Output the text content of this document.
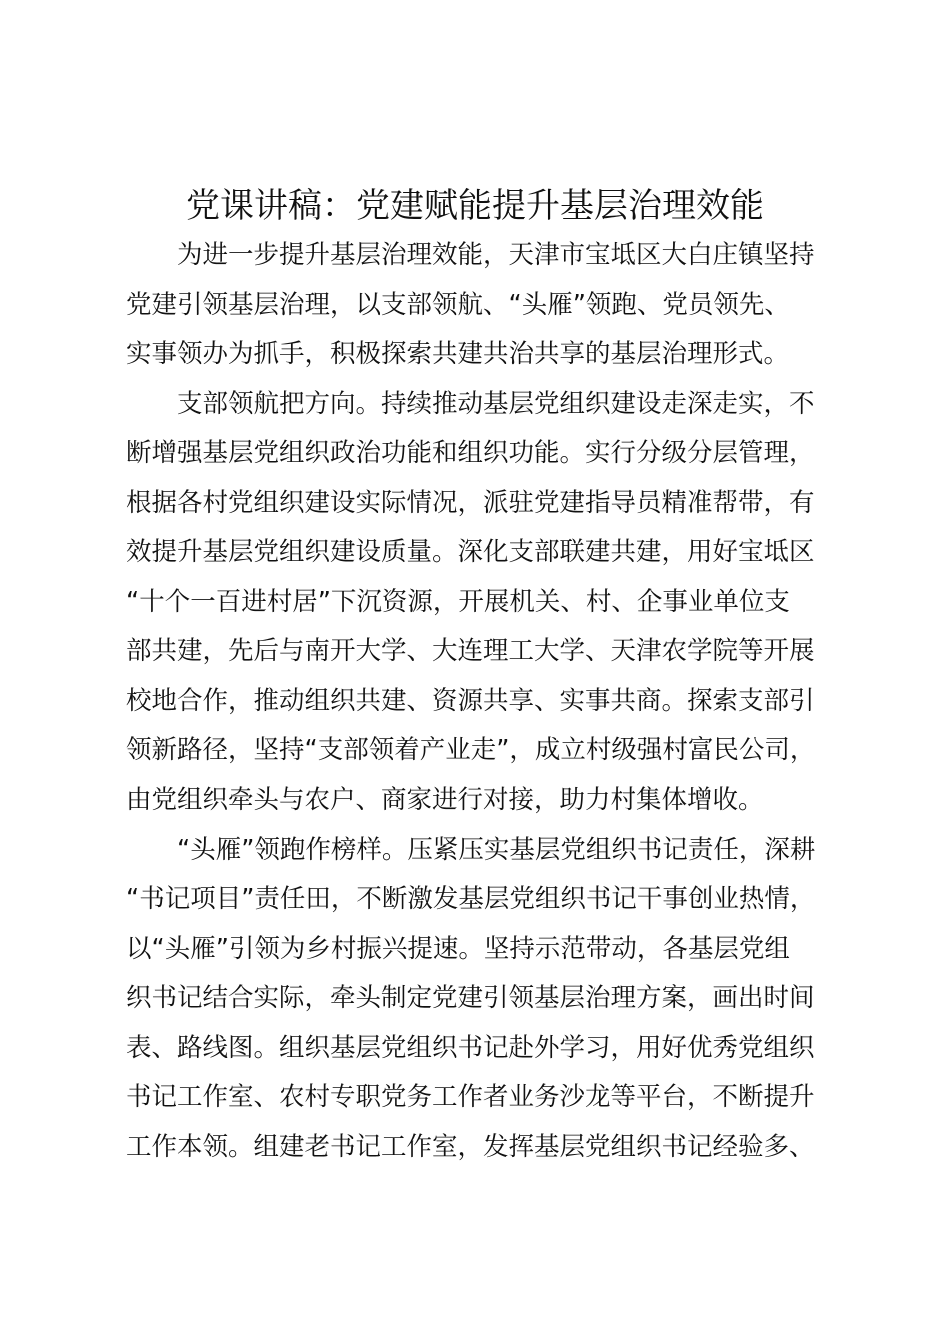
党课讲稿：党建赋能提升基层治理效能
　　为进一步提升基层治理效能，天津市宝坻区大白庄镇坚持
党建引领基层治理，以支部领航、“头雁”领跑、党员领先、
实事领办为抓手，积极探索共建共治共享的基层治理形式。
　　支部领航把方向。持续推动基层党组织建设走深走实，不
断增强基层党组织政治功能和组织功能。实行分级分层管理，
根据各村党组织建设实际情况，派驻党建指导员精准帮带，有
效提升基层党组织建设质量。深化支部联建共建，用好宝坻区
“十个一百进村居”下沉资源，开展机关、村、企事业单位支
部共建，先后与南开大学、大连理工大学、天津农学院等开展
校地合作，推动组织共建、资源共享、实事共商。探索支部引
领新路径，坚持“支部领着产业走”，成立村级强村富民公司，
由党组织牵头与农户、商家进行对接，助力村集体增收。
　　“头雁”领跑作榜样。压紧压实基层党组织书记责任，深耕
“书记项目”责任田，不断激发基层党组织书记干事创业热情，
以“头雁”引领为乡村振兴提速。坚持示范带动，各基层党组
织书记结合实际，牵头制定党建引领基层治理方案，画出时间
表、路线图。组织基层党组织书记赴外学习，用好优秀党组织
书记工作室、农村专职党务工作者业务沙龙等平台，不断提升
工作本领。组建老书记工作室，发挥基层党组织书记经验多、
